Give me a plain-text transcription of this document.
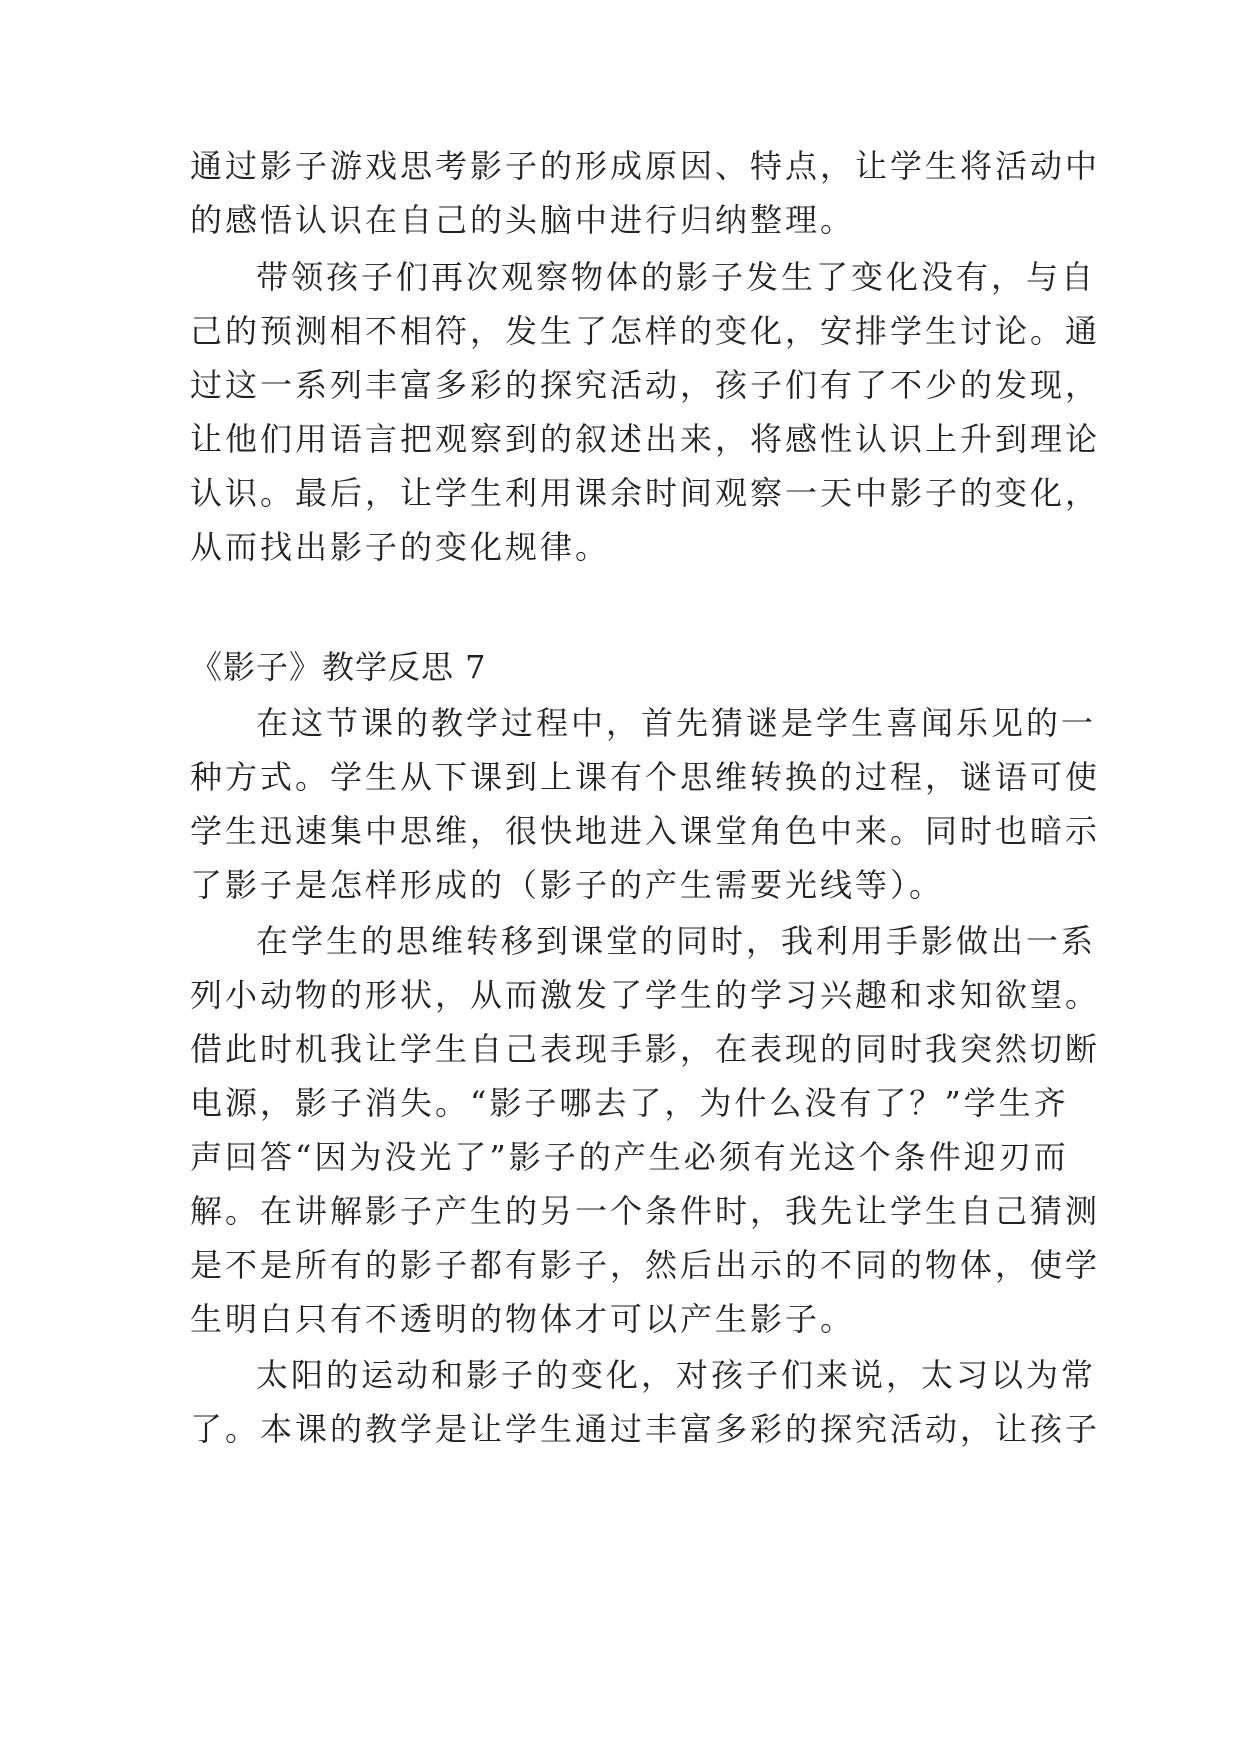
通过影子游戏思考影子的形成原因、特点，让学生将活动中
的感悟认识在自己的头脑中进行归纳整理。
带领孩子们再次观察物体的影子发生了变化没有，与自
己的预测相不相符，发生了怎样的变化，安排学生讨论。通
过这一系列丰富多彩的探究活动，孩子们有了不少的发现，
让他们用语言把观察到的叙述出来，将感性认识上升到理论
认识。最后，让学生利用课余时间观察一天中影子的变化，
从而找出影子的变化规律。
《影子》教学反思 7
在这节课的教学过程中，首先猜谜是学生喜闻乐见的一
种方式。学生从下课到上课有个思维转换的过程，谜语可使
学生迅速集中思维，很快地进入课堂角色中来。同时也暗示
了影子是怎样形成的（影子的产生需要光线等）。
在学生的思维转移到课堂的同时，我利用手影做出一系
列小动物的形状，从而激发了学生的学习兴趣和求知欲望。
借此时机我让学生自己表现手影，在表现的同时我突然切断
电源，影子消失。“影子哪去了，为什么没有了？”学生齐
声回答“因为没光了”影子的产生必须有光这个条件迎刃而
解。在讲解影子产生的另一个条件时，我先让学生自己猜测
是不是所有的影子都有影子，然后出示的不同的物体，使学
生明白只有不透明的物体才可以产生影子。
太阳的运动和影子的变化，对孩子们来说，太习以为常
了。本课的教学是让学生通过丰富多彩的探究活动，让孩子
